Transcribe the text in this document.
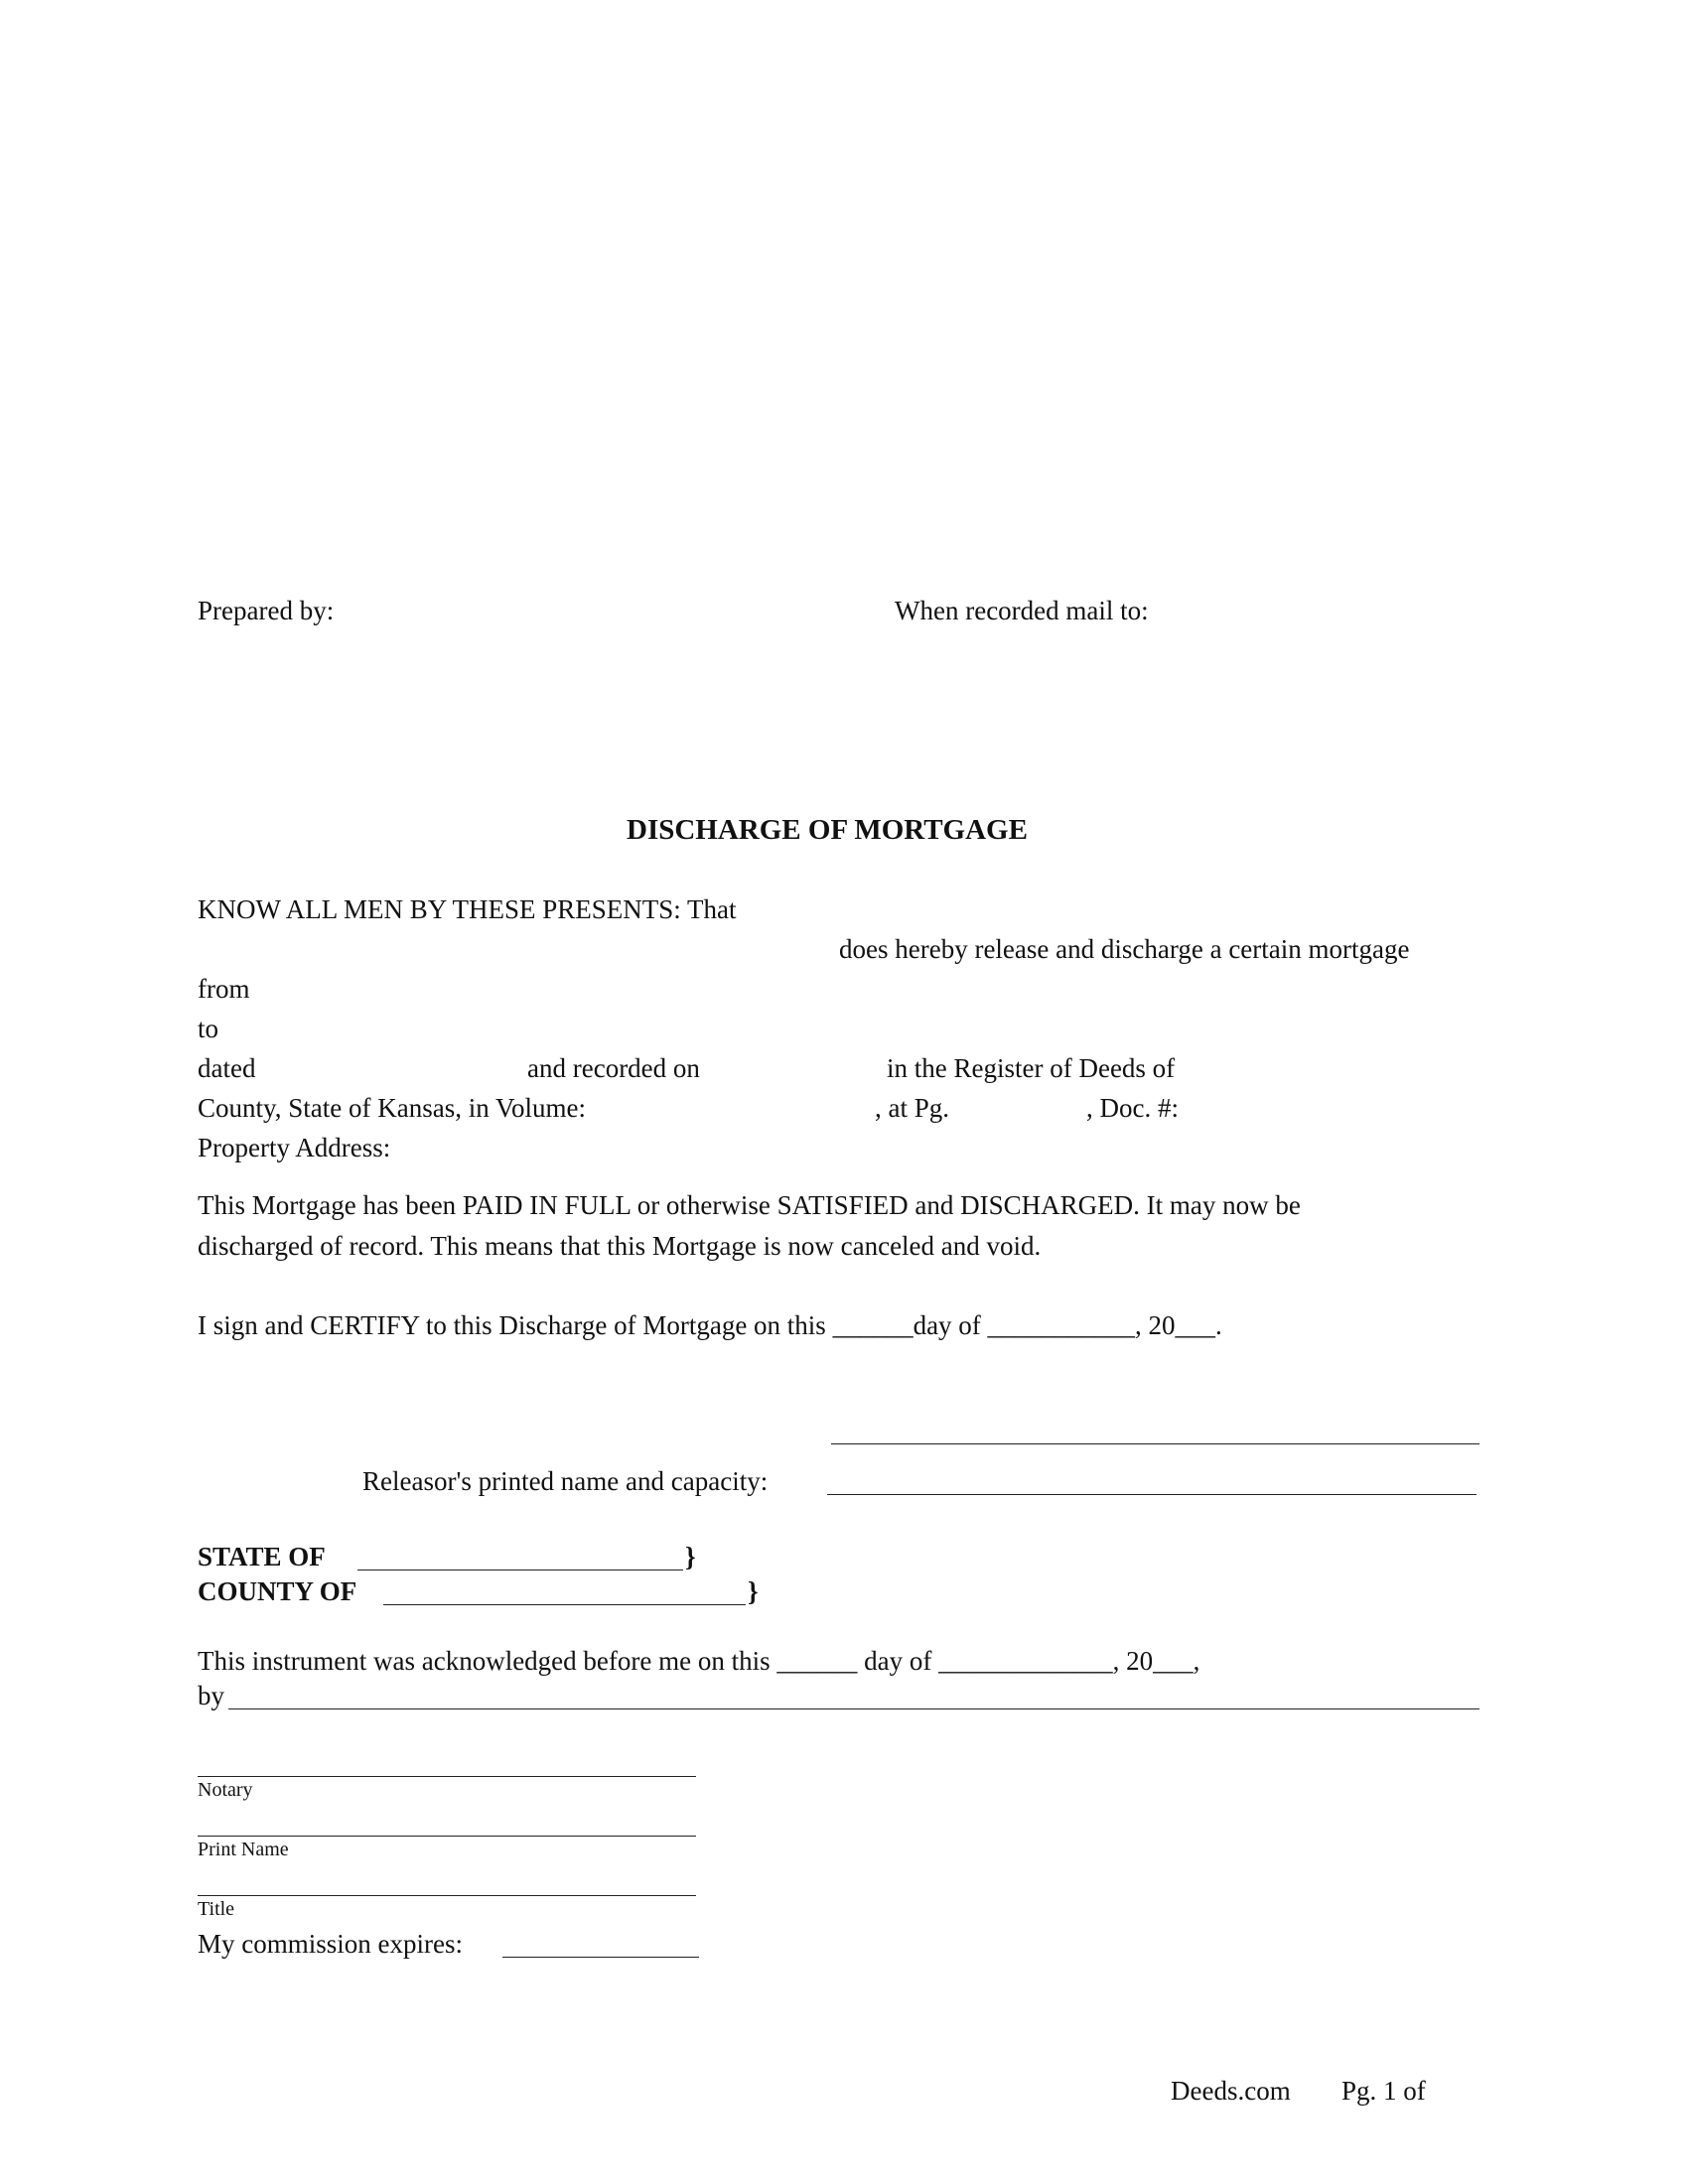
Prepared by:	When recorded mail to:
DISCHARGE OF MORTGAGE
KNOW ALL MEN BY THESE PRESENTS: That
does hereby release and discharge a certain mortgage
from
to
dated	and recorded on	in the Register of Deeds of
County, State of Kansas, in Volume:	, at Pg.	, Doc. #:
Property Address:
This Mortgage has been PAID IN FULL or otherwise SATISFIED and DISCHARGED. It may now be
discharged of record. This means that this Mortgage is now canceled and void.
I sign and CERTIFY to this Discharge of Mortgage on this ______day of ___________, 20___.
Releasor's printed name and capacity:
STATE OF	}
COUNTY OF	}
This instrument was acknowledged before me on this ______ day of _____________, 20___,
by
Notary
Print Name
Title
My commission expires:
Deeds.com Pg. 1 of
